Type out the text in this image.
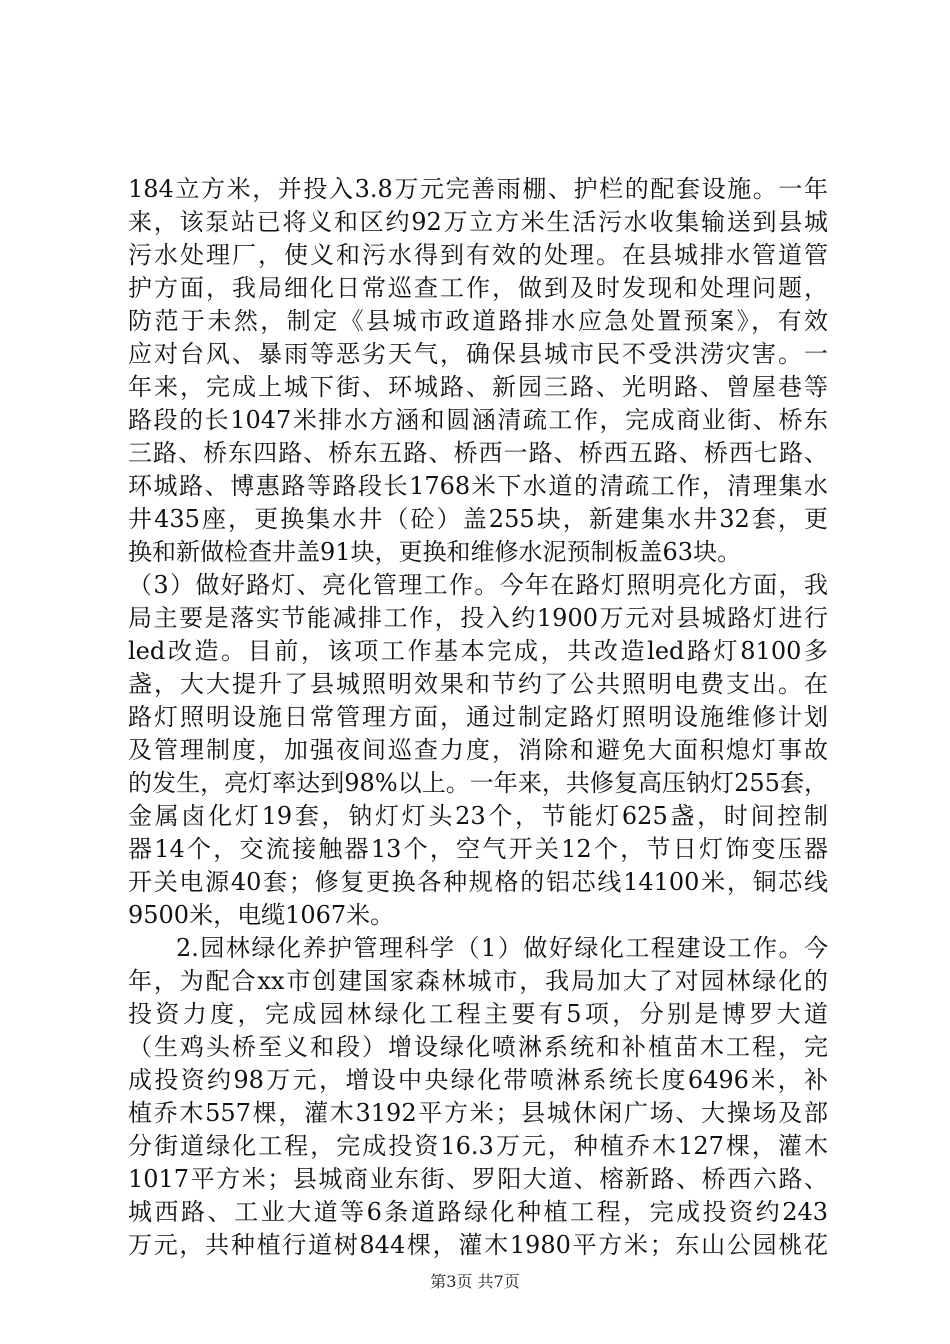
184立方米，并投入3.8万元完善雨棚、护栏的配套设施。一年
来，该泵站已将义和区约92万立方米生活污水收集输送到县城
污水处理厂，使义和污水得到有效的处理。在县城排水管道管
护方面，我局细化日常巡查工作，做到及时发现和处理问题，
防范于未然，制定《县城市政道路排水应急处置预案》，有效
应对台风、暴雨等恶劣天气，确保县城市民不受洪涝灾害。一
年来，完成上城下街、环城路、新园三路、光明路、曾屋巷等
路段的长1047米排水方涵和圆涵清疏工作，完成商业街、桥东
三路、桥东四路、桥东五路、桥西一路、桥西五路、桥西七路、
环城路、博惠路等路段长1768米下水道的清疏工作，清理集水
井435座，更换集水井（砼）盖255块，新建集水井32套，更
换和新做检查井盖91块，更换和维修水泥预制板盖63块。
（3）做好路灯、亮化管理工作。今年在路灯照明亮化方面，我
局主要是落实节能减排工作，投入约1900万元对县城路灯进行
led改造。目前，该项工作基本完成，共改造led路灯8100多
盏，大大提升了县城照明效果和节约了公共照明电费支出。在
路灯照明设施日常管理方面，通过制定路灯照明设施维修计划
及管理制度，加强夜间巡查力度，消除和避免大面积熄灯事故
的发生，亮灯率达到98%以上。一年来，共修复高压钠灯255套，
金属卤化灯19套，钠灯灯头23个，节能灯625盏，时间控制
器14个，交流接触器13个，空气开关12个，节日灯饰变压器
开关电源40套；修复更换各种规格的铝芯线14100米，铜芯线
9500米，电缆1067米。
2.园林绿化养护管理科学（1）做好绿化工程建设工作。今
年，为配合xx市创建国家森林城市，我局加大了对园林绿化的
投资力度，完成园林绿化工程主要有5项，分别是博罗大道
（生鸡头桥至义和段）增设绿化喷淋系统和补植苗木工程，完
成投资约98万元，增设中央绿化带喷淋系统长度6496米，补
植乔木557棵，灌木3192平方米；县城休闲广场、大操场及部
分街道绿化工程，完成投资16.3万元，种植乔木127棵，灌木
1017平方米；县城商业东街、罗阳大道、榕新路、桥西六路、
城西路、工业大道等6条道路绿化种植工程，完成投资约243
万元，共种植行道树844棵，灌木1980平方米；东山公园桃花
第3页 共7页
